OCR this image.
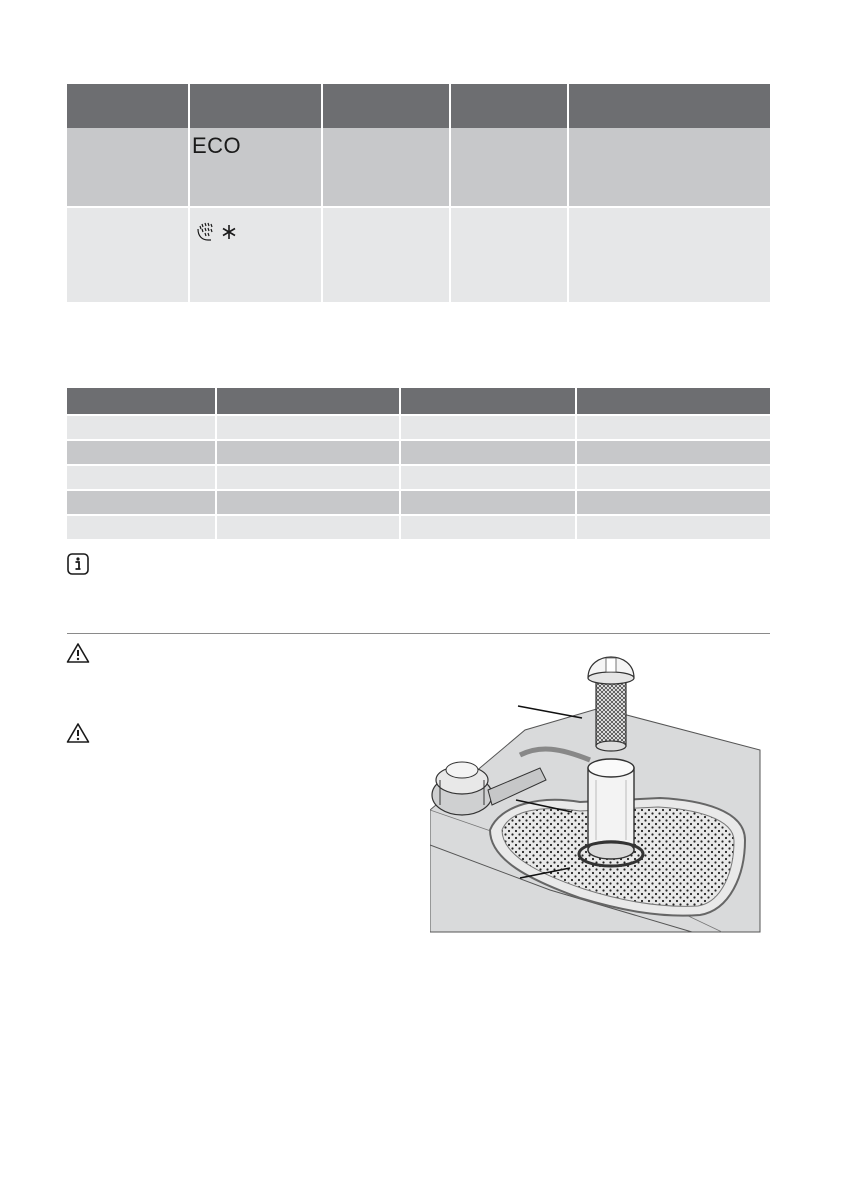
ECO
